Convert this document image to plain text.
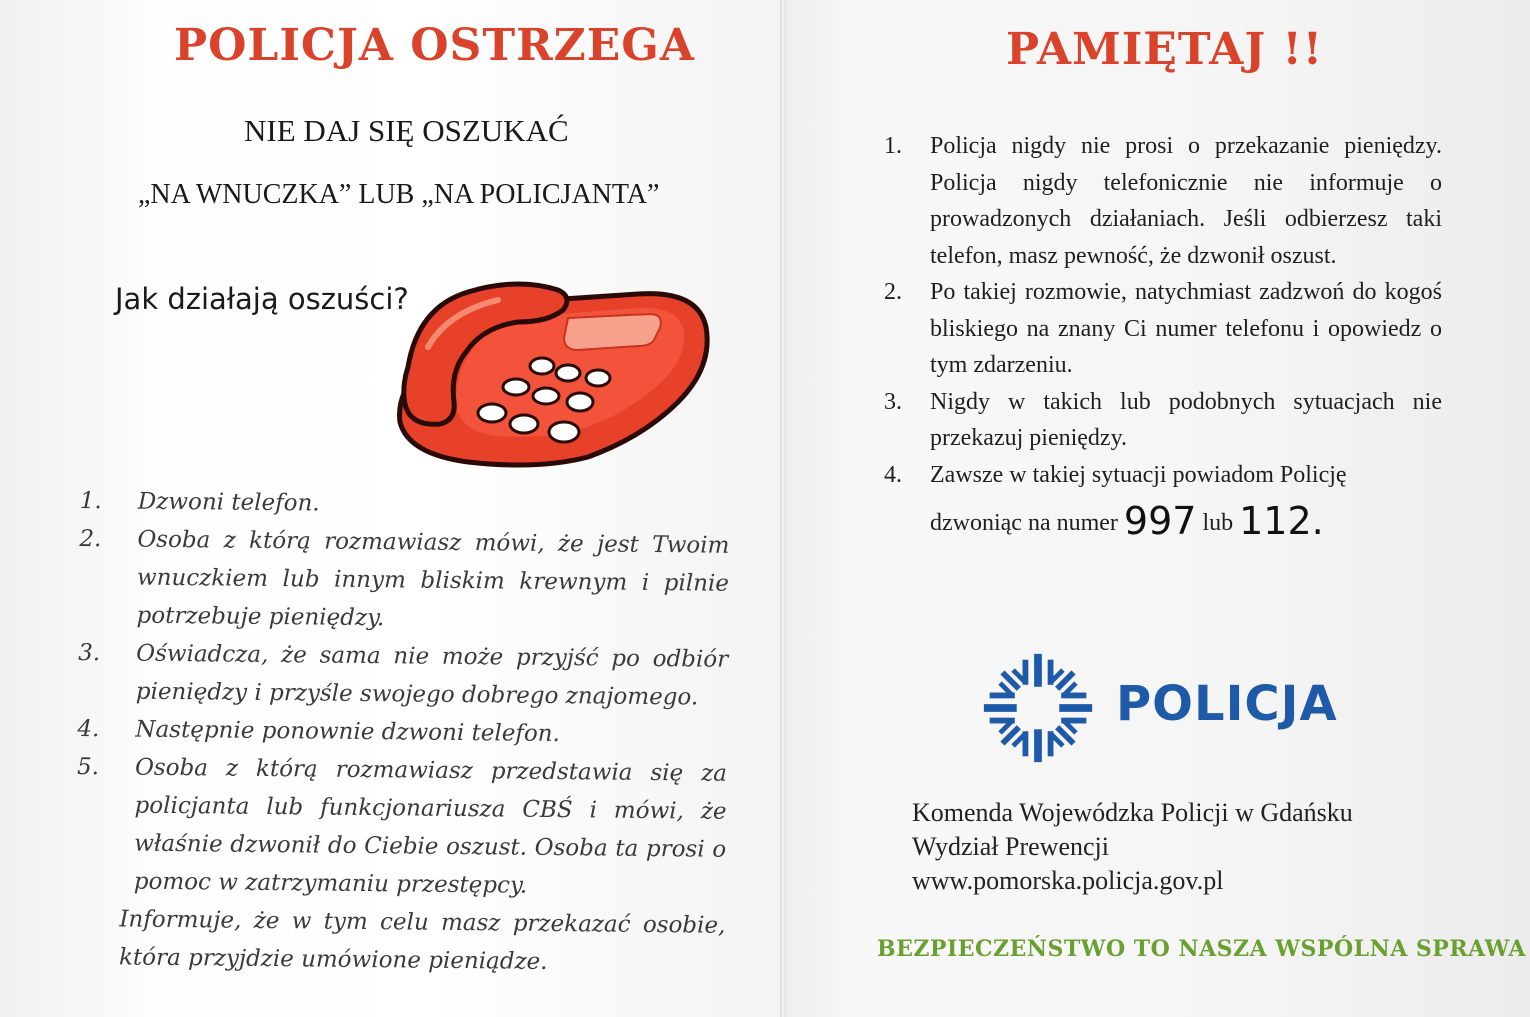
POLICJA OSTRZEGA
NIE DAJ SIĘ OSZUKAĆ
„NA WNUCZKA” LUB „NA POLICJANTA”
Jak działają oszuści?
1.	Dzwoni telefon.
2.	Osoba z którą rozmawiasz mówi, że jest Twoim wnuczkiem lub innym bliskim krewnym i pilnie potrzebuje pieniędzy.
3.	Oświadcza, że sama nie może przyjść po odbiór pieniędzy i przyśle swojego dobrego znajomego.
4.	Następnie ponownie dzwoni telefon.
5.	Osoba z którą rozmawiasz przedstawia się za policjanta lub funkcjonariusza CBŚ i mówi, że właśnie dzwonił do Ciebie oszust. Osoba ta prosi o pomoc w zatrzymaniu przestępcy.
Informuje, że w tym celu masz przekazać osobie, która przyjdzie umówione pieniądze.
PAMIĘTAJ !!
1.	Policja nigdy nie prosi o przekazanie pieniędzy. Policja nigdy telefonicznie nie informuje o prowadzonych działaniach. Jeśli odbierzesz taki telefon, masz pewność, że dzwonił oszust.
2.	Po takiej rozmowie, natychmiast zadzwoń do kogoś bliskiego na znany Ci numer telefonu i opowiedz o tym zdarzeniu.
3.	Nigdy w takich lub podobnych sytuacjach nie przekazuj pieniędzy.
4.	Zawsze w takiej sytuacji powiadom Policję
dzwoniąc na numer 997 lub 112.
POLICJA
Komenda Wojewódzka Policji w Gdańsku
Wydział Prewencji
www.pomorska.policja.gov.pl
BEZPIECZEŃSTWO TO NASZA WSPÓLNA SPRAWA
